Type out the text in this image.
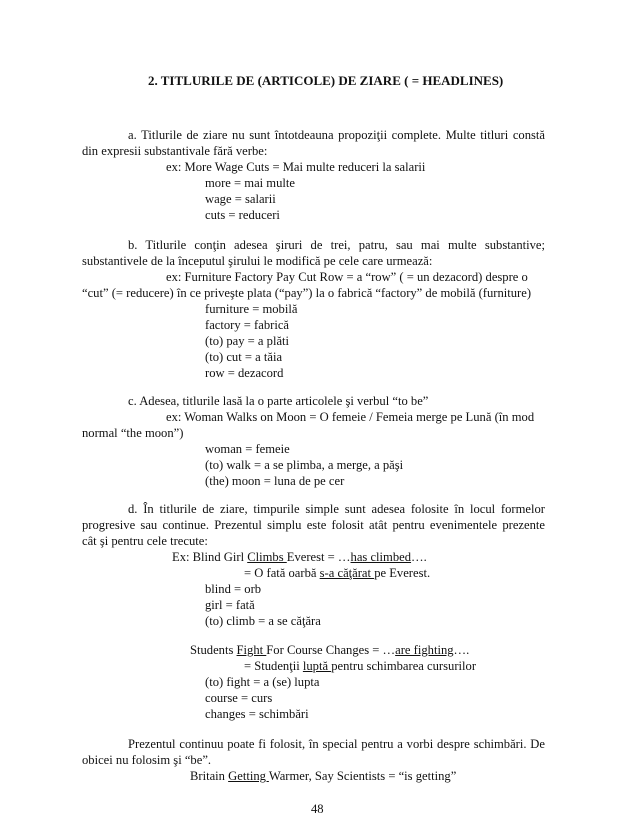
2. TITLURILE DE (ARTICOLE) DE ZIARE ( = HEADLINES)
a. Titlurile de ziare nu sunt întotdeauna propoziţii complete. Multe titluri constă
din expresii substantivale fără verbe:
ex: More Wage Cuts = Mai multe reduceri la salarii
more = mai multe
wage = salarii
cuts = reduceri
b. Titlurile conţin adesea şiruri de trei, patru, sau mai multe substantive;
substantivele de la începutul şirului le modifică pe cele care urmează:
ex: Furniture Factory Pay Cut Row = a “row” ( = un dezacord) despre o
“cut” (= reducere) în ce priveşte plata (“pay”) la o fabrică “factory” de mobilă (furniture)
furniture = mobilă
factory = fabrică
(to) pay = a plăti
(to) cut = a tăia
row = dezacord
c. Adesea, titlurile lasă la o parte articolele şi verbul “to be”
ex: Woman Walks on Moon = O femeie / Femeia merge pe Lună (în mod
normal “the moon”)
woman = femeie
(to) walk = a se plimba, a merge, a păşi
(the) moon = luna de pe cer
d. În titlurile de ziare, timpurile simple sunt adesea folosite în locul formelor
progresive sau continue. Prezentul simplu este folosit atât pentru evenimentele prezente
cât şi pentru cele trecute:
Ex: Blind Girl Climbs Everest = …has climbed….
= O fată oarbă s-a căţărat pe Everest.
blind = orb
girl = fată
(to) climb = a se căţăra
Students Fight For Course Changes = …are fighting….
= Studenţii luptă pentru schimbarea cursurilor
(to) fight = a (se) lupta
course = curs
changes = schimbări
Prezentul continuu poate fi folosit, în special pentru a vorbi despre schimbări. De
obicei nu folosim şi “be”.
Britain Getting Warmer, Say Scientists = “is getting”
48
